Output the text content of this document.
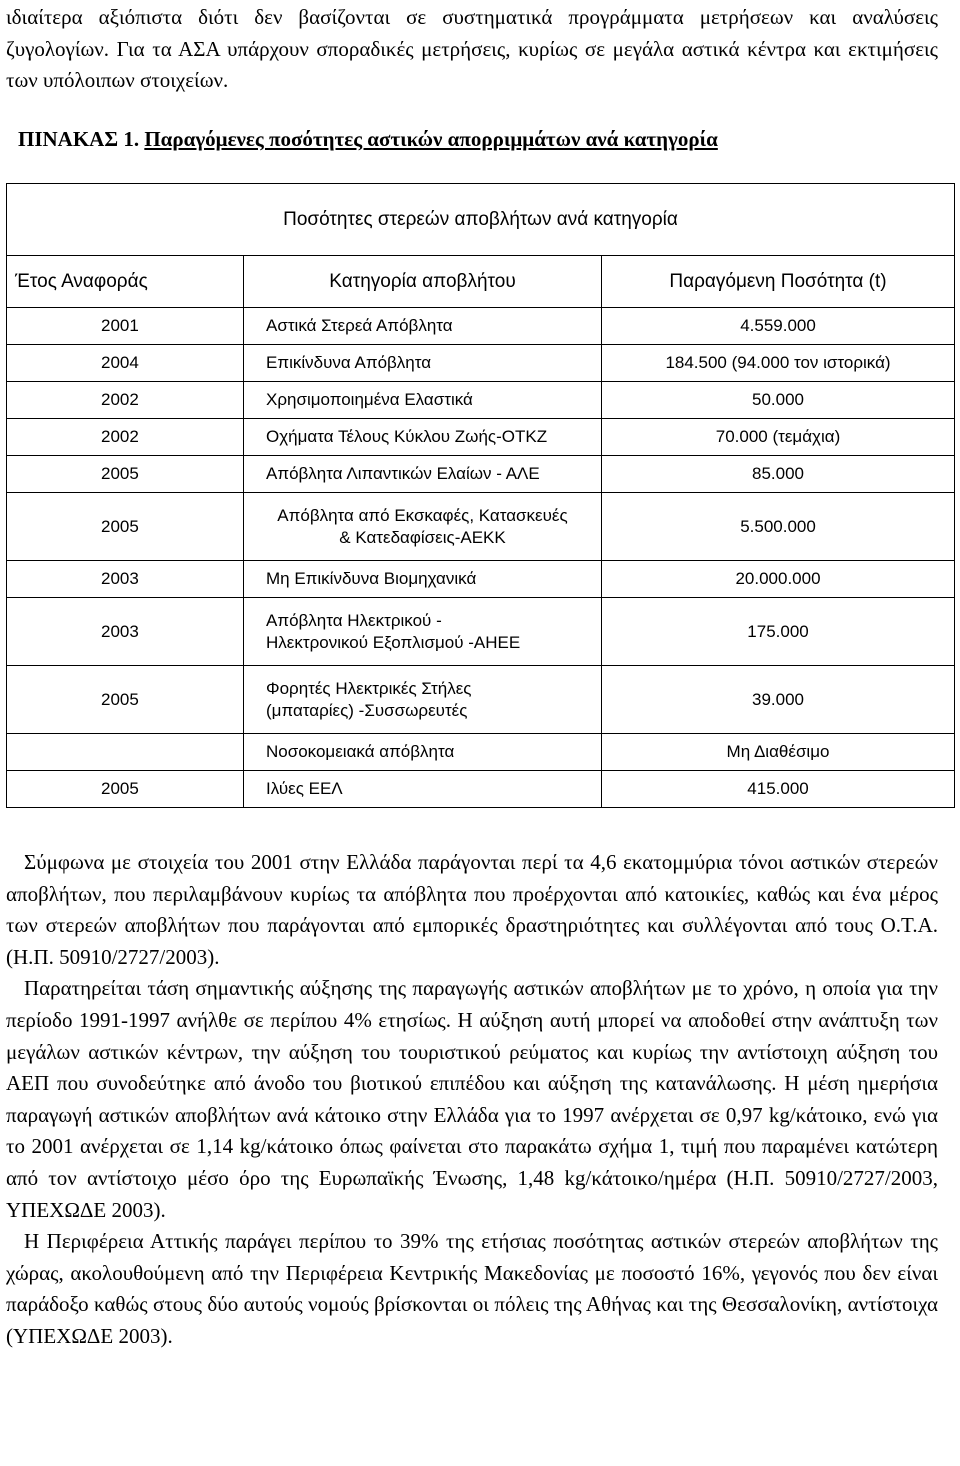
ιδιαίτερα αξιόπιστα διότι δεν βασίζονται σε συστηματικά προγράμματα μετρήσεων και αναλύσεις ζυγολογίων. Για τα ΑΣΑ υπάρχουν σποραδικές μετρήσεις, κυρίως σε μεγάλα αστικά κέντρα και εκτιμήσεις των υπόλοιπων στοιχείων.

ΠΙΝΑΚΑΣ 1. Παραγόμενες ποσότητες αστικών απορριμμάτων ανά κατηγορία
Ποσότητες στερεών αποβλήτων ανά κατηγορία		
Έτος Αναφοράς	Κατηγορία αποβλήτου	Παραγόμενη Ποσότητα (t)
2001	Αστικά Στερεά Απόβλητα	4.559.000
2004	Επικίνδυνα Απόβλητα	184.500 (94.000 τον ιστορικά)
2002	Χρησιμοποιημένα Ελαστικά	50.000
2002	Οχήματα Τέλους Κύκλου Ζωής-ΟΤΚΖ	70.000 (τεμάχια)
2005	Απόβλητα Λιπαντικών Ελαίων - ΑΛΕ	85.000
2005	Απόβλητα από Εκσκαφές, Κατασκευές
& Κατεδαφίσεις-ΑΕΚΚ	5.500.000
2003	Μη Επικίνδυνα Βιομηχανικά	20.000.000
2003	Απόβλητα Ηλεκτρικού -
Ηλεκτρονικού Εξοπλισμού -ΑΗΕΕ	175.000
2005	Φορητές Ηλεκτρικές Στήλες
(μπαταρίες) -Συσσωρευτές	39.000
	Νοσοκομειακά απόβλητα	Μη Διαθέσιμο
2005	Ιλύες ΕΕΛ	415.000

Σύμφωνα με στοιχεία του 2001 στην Ελλάδα παράγονται περί τα 4,6 εκατομμύρια τόνοι αστικών στερεών αποβλήτων, που περιλαμβάνουν κυρίως τα απόβλητα που προέρχονται από κατοικίες, καθώς και ένα μέρος των στερεών αποβλήτων που παράγονται από εμπορικές δραστηριότητες και συλλέγονται από τους Ο.Τ.Α. (Η.Π. 50910/2727/2003).

Παρατηρείται τάση σημαντικής αύξησης της παραγωγής αστικών αποβλήτων με το χρόνο, η οποία για την περίοδο 1991-1997 ανήλθε σε περίπου 4% ετησίως. Η αύξηση αυτή μπορεί να αποδοθεί στην ανάπτυξη των μεγάλων αστικών κέντρων, την αύξηση του τουριστικού ρεύματος και κυρίως την αντίστοιχη αύξηση του ΑΕΠ που συνοδεύτηκε από άνοδο του βιοτικού επιπέδου και αύξηση της κατανάλωσης. Η μέση ημερήσια παραγωγή αστικών αποβλήτων ανά κάτοικο στην Ελλάδα για το 1997 ανέρχεται σε 0,97 kg/κάτοικο, ενώ για το 2001 ανέρχεται σε 1,14 kg/κάτοικο όπως φαίνεται στο παρακάτω σχήμα 1, τιμή που παραμένει κατώτερη από τον αντίστοιχο μέσο όρο της Ευρωπαϊκής Ένωσης, 1,48 kg/κάτοικο/ημέρα (Η.Π. 50910/2727/2003, ΥΠΕΧΩΔΕ 2003).

Η Περιφέρεια Αττικής παράγει περίπου το 39% της ετήσιας ποσότητας αστικών στερεών αποβλήτων της χώρας, ακολουθούμενη από την Περιφέρεια Κεντρικής Μακεδονίας με ποσοστό 16%, γεγονός που δεν είναι παράδοξο καθώς στους δύο αυτούς νομούς βρίσκονται οι πόλεις της Αθήνας και της Θεσσαλονίκη, αντίστοιχα (ΥΠΕΧΩΔΕ 2003).
